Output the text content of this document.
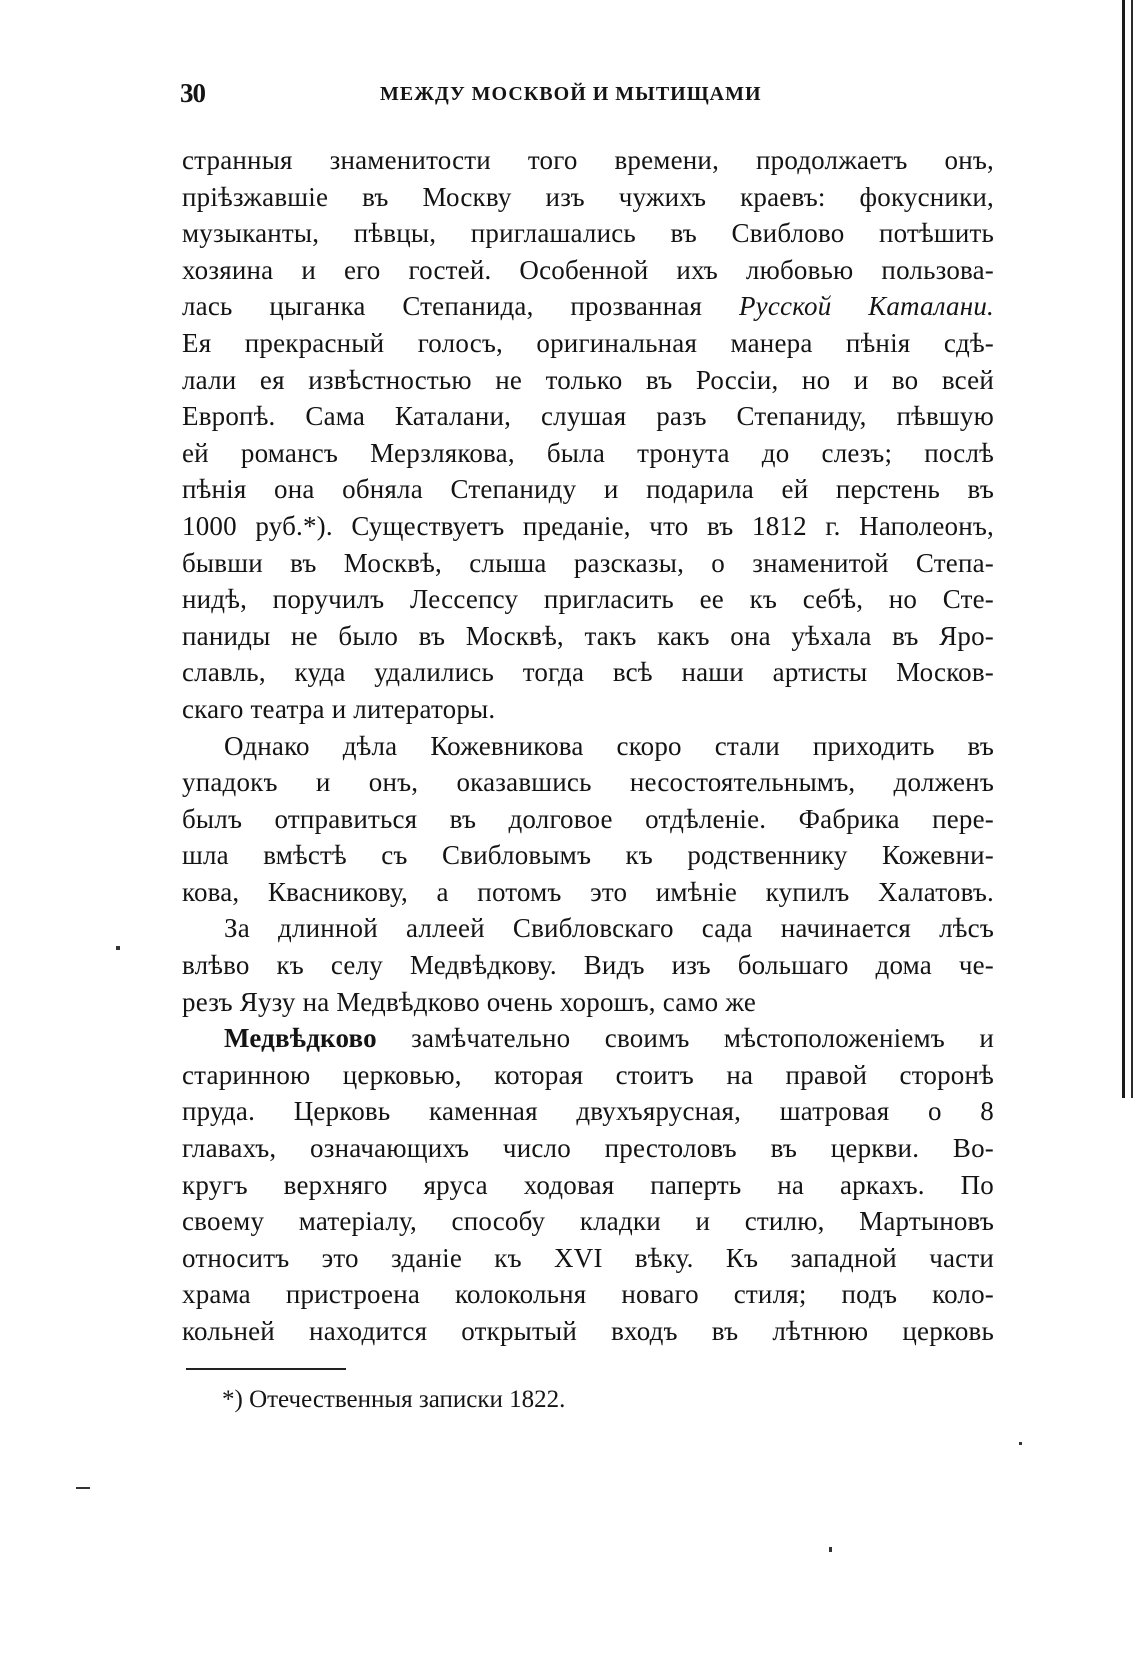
30	МЕЖДУ МОСКВОЙ И МЫТИЩАМИ
странныя знаменитости того времени, продолжаетъ онъ,
пріѣзжавшіе въ Москву изъ чужихъ краевъ: фокусники,
музыканты, пѣвцы, приглашались въ Свиблово потѣшить
хозяина и его гостей. Особенной ихъ любовью пользова-
лась цыганка Степанида, прозванная Русской Каталани.
Ея прекрасный голосъ, оригинальная манера пѣнія сдѣ-
лали ея извѣстностью не только въ Россіи, но и во всей
Европѣ. Сама Каталани, слушая разъ Степаниду, пѣвшую
ей романсъ Мерзлякова, была тронута до слезъ; послѣ
пѣнія она обняла Степаниду и подарила ей перстень въ
1000 руб.*). Существуетъ преданіе, что въ 1812 г. Наполеонъ,
бывши въ Москвѣ, слыша разсказы, о знаменитой Степа-
нидѣ, поручилъ Лессепсу пригласить ее къ себѣ, но Сте-
паниды не было въ Москвѣ, такъ какъ она уѣхала въ Яро-
славль, куда удалились тогда всѣ наши артисты Москов-
скаго театра и литераторы.
Однако дѣла Кожевникова скоро стали приходить въ
упадокъ и онъ, оказавшись несостоятельнымъ, долженъ
былъ отправиться въ долговое отдѣленіе. Фабрика пере-
шла вмѣстѣ съ Свибловымъ къ родственнику Кожевни-
кова, Квасникову, а потомъ это имѣніе купилъ Халатовъ.
За длинной аллеей Свибловскаго сада начинается лѣсъ
влѣво къ селу Медвѣдкову. Видъ изъ большаго дома че-
резъ Яузу на Медвѣдково очень хорошъ, само же
Медвѣдково замѣчательно своимъ мѣстоположеніемъ и
старинною церковью, которая стоитъ на правой сторонѣ
пруда. Церковь каменная двухъярусная, шатровая о 8
главахъ, означающихъ число престоловъ въ церкви. Во-
кругъ верхняго яруса ходовая паперть на аркахъ. По
своему матеріалу, способу кладки и стилю, Мартыновъ
относитъ это зданіе къ XVI вѣку. Къ западной части
храма пристроена колокольня новаго стиля; подъ коло-
кольней находится открытый входъ въ лѣтнюю церковь
*) Отечественныя записки 1822.
